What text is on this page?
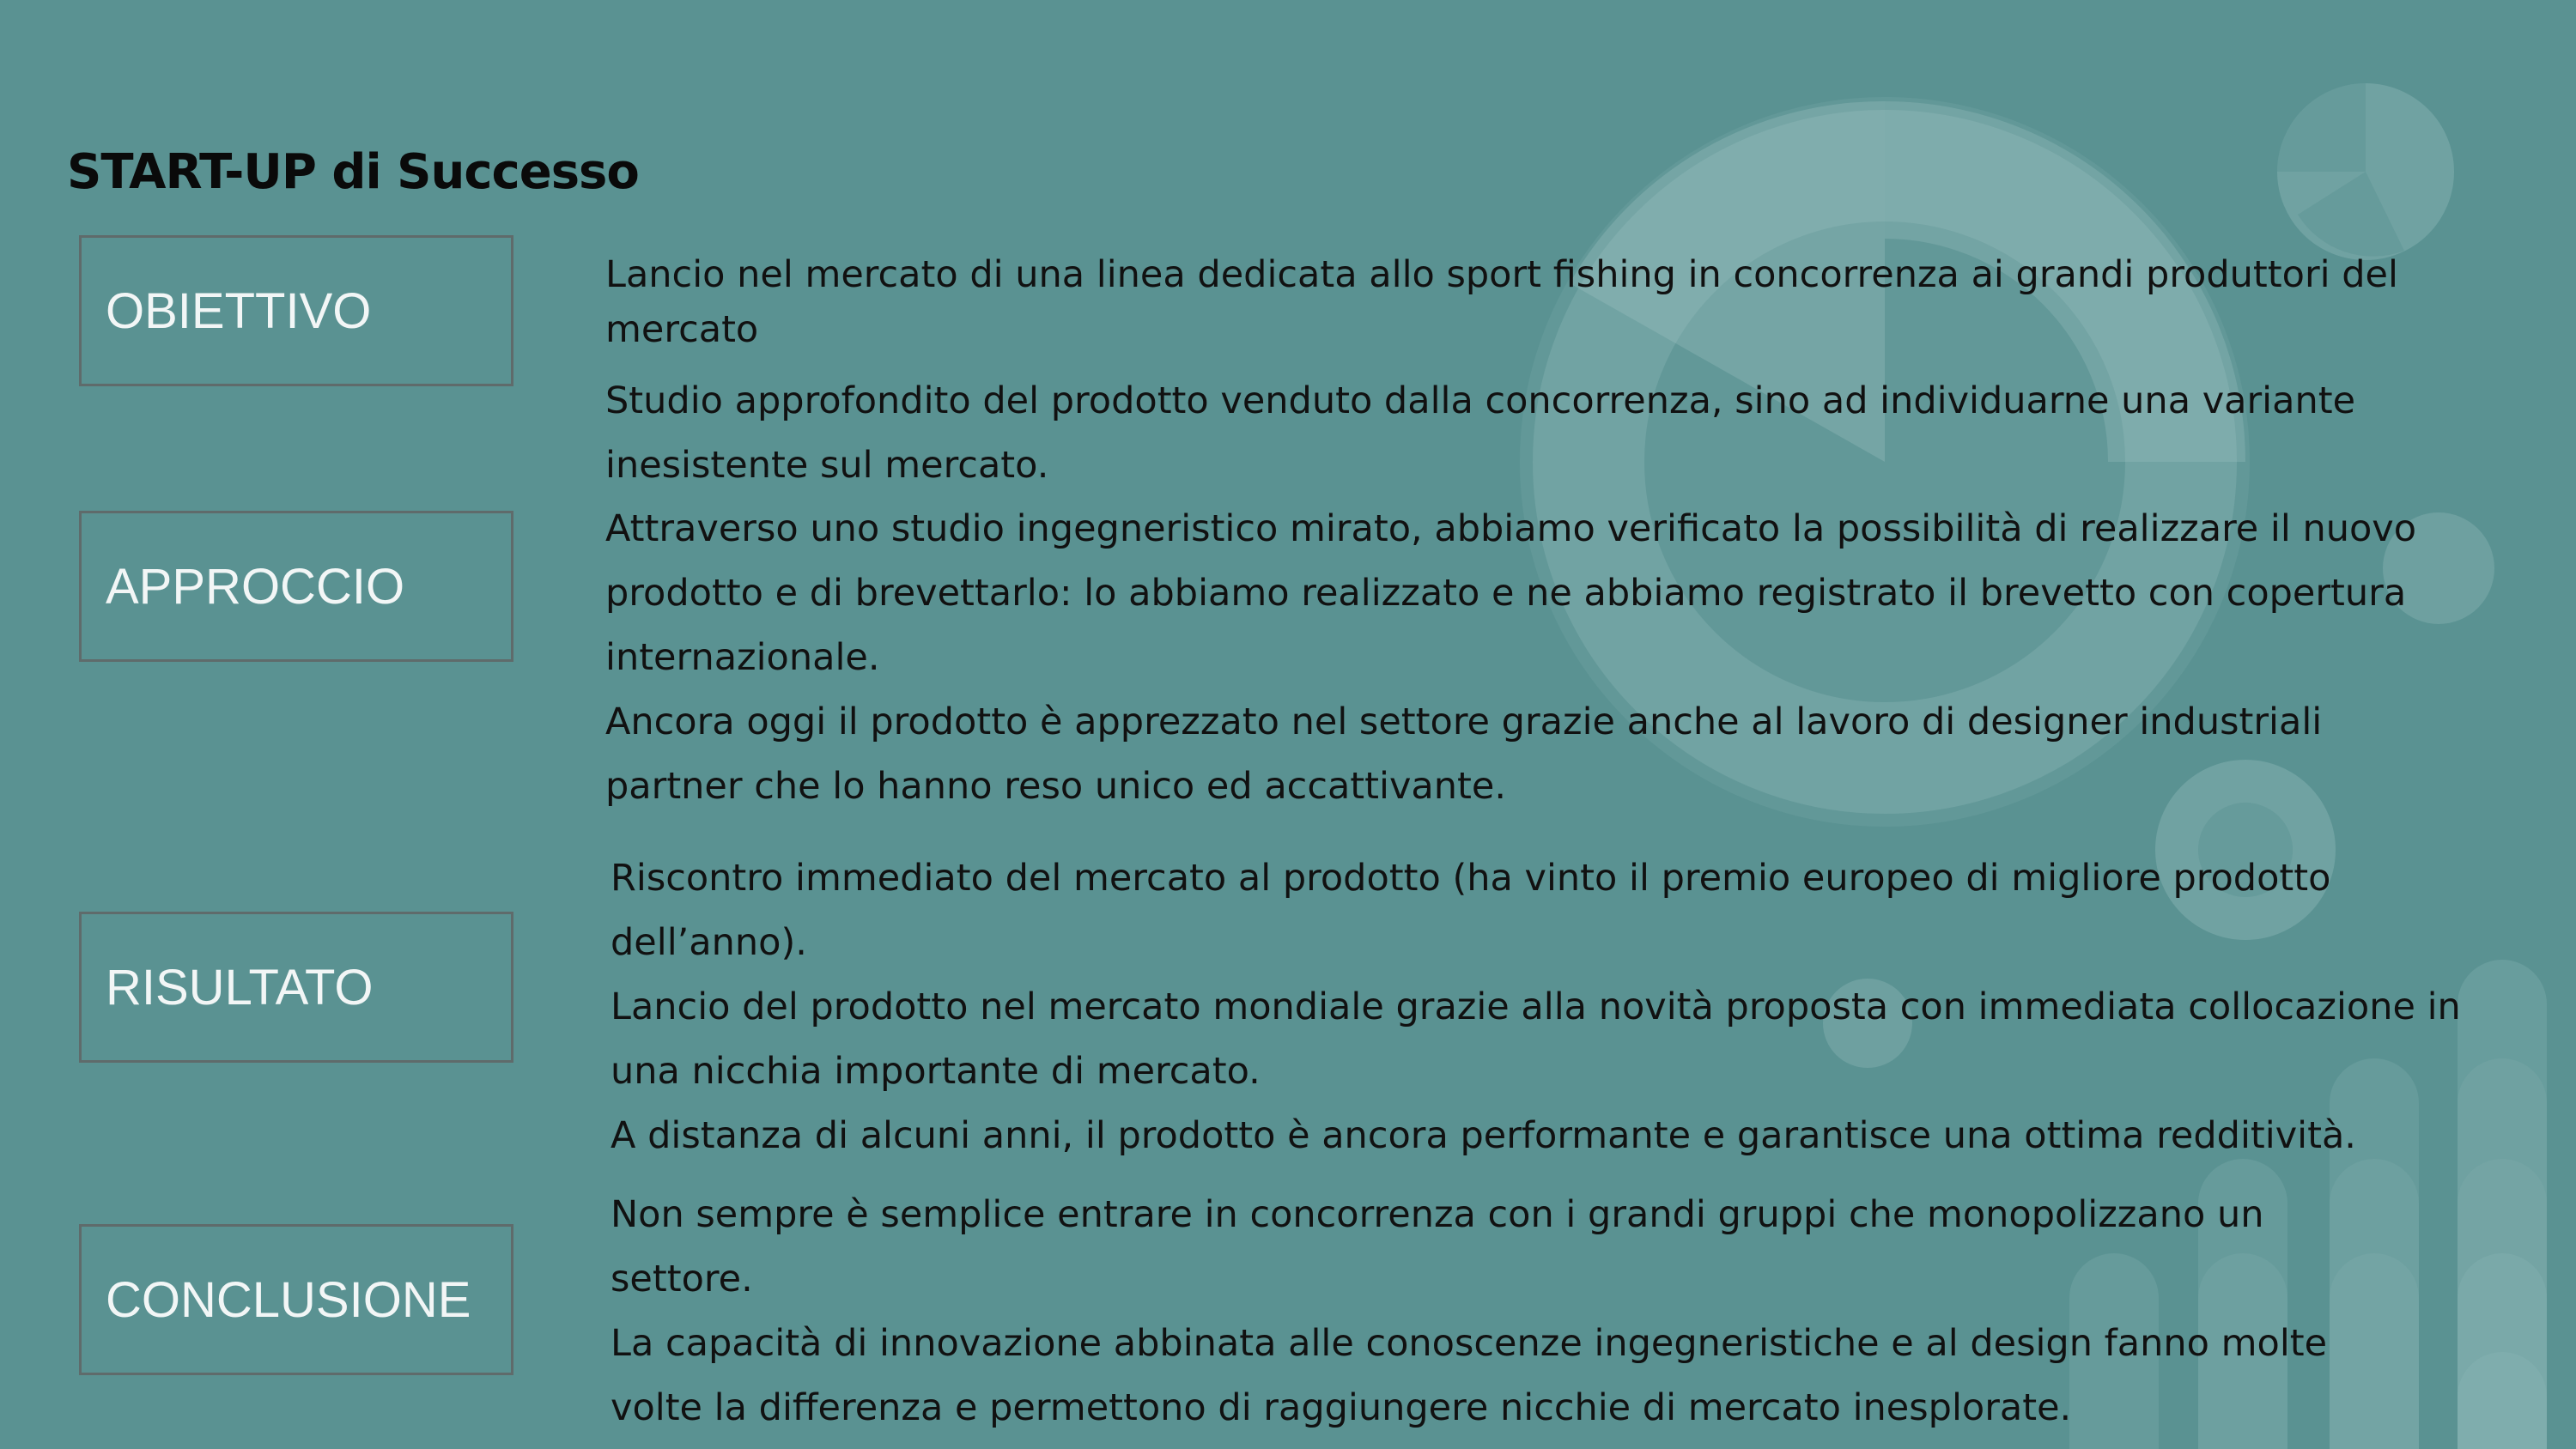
START-UP di Successo
OBIETTIVO
APPROCCIO
RISULTATO
CONCLUSIONE

Lancio nel mercato di una linea dedicata allo sport fishing in concorrenza ai grandi produttori del mercato

Studio approfondito del prodotto venduto dalla concorrenza, sino ad individuarne una variante inesistente sul mercato.

Attraverso uno studio ingegneristico mirato, abbiamo verificato la possibilità di realizzare il nuovo prodotto e di brevettarlo: lo abbiamo realizzato e ne abbiamo registrato il brevetto con copertura internazionale.

Ancora oggi il prodotto è apprezzato nel settore grazie anche al lavoro di designer industriali partner che lo hanno reso unico ed accattivante.

Riscontro immediato del mercato al prodotto (ha vinto il premio europeo di migliore prodotto dell’anno).

Lancio del prodotto nel mercato mondiale grazie alla novità proposta con immediata collocazione in una nicchia importante di mercato.

A distanza di alcuni anni, il prodotto è ancora performante e garantisce una ottima redditività.

Non sempre è semplice entrare in concorrenza con i grandi gruppi che monopolizzano un settore.

La capacità di innovazione abbinata alle conoscenze ingegneristiche e al design fanno molte volte la differenza e permettono di raggiungere nicchie di mercato inesplorate.
